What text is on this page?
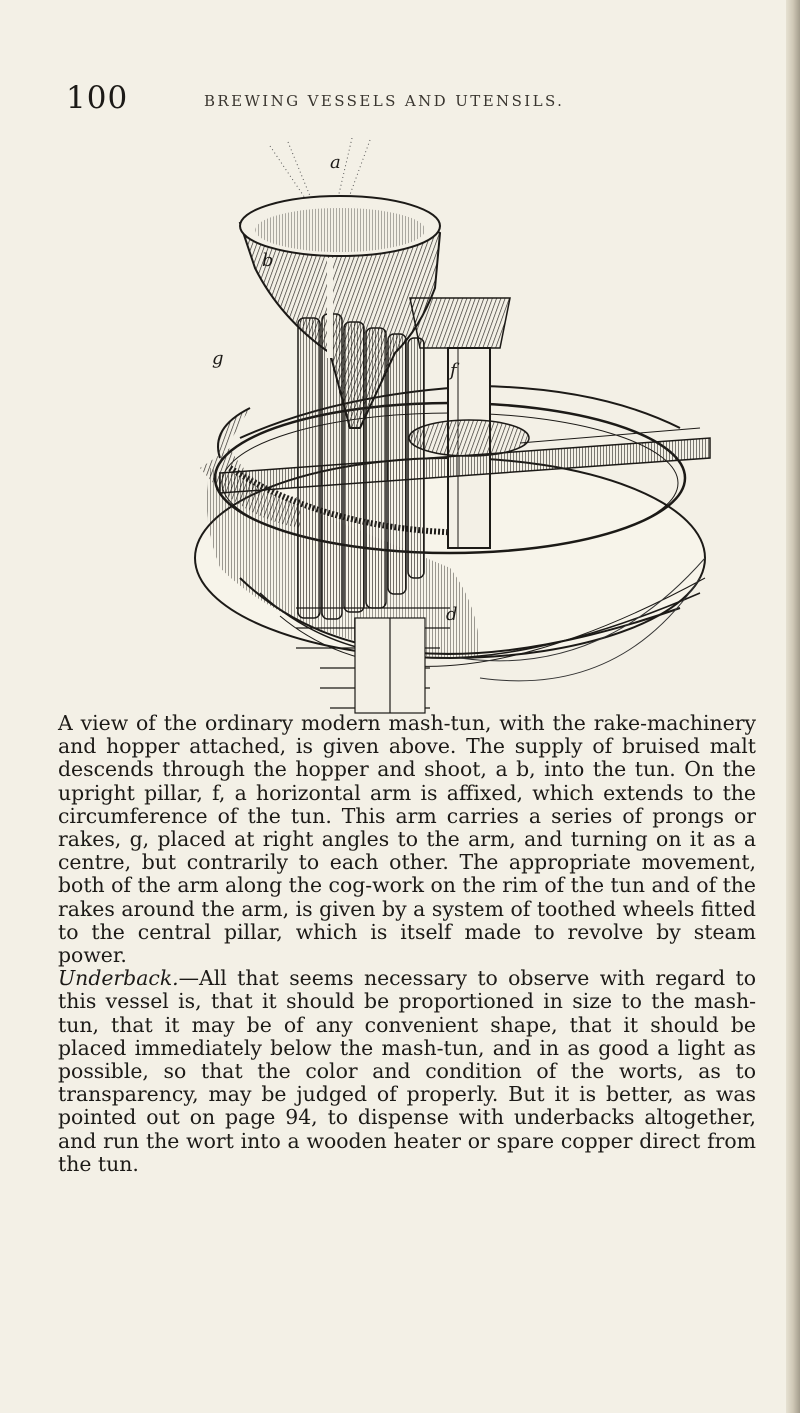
100	BREWING VESSELS AND UTENSILS.
a
b
g
f
d

A view of the ordinary modern mash-tun, with the rake-machinery and hopper attached, is given above. The supply of bruised malt descends through the hopper and shoot, a b, into the tun. On the upright pillar, f, a horizontal arm is affixed, which extends to the circumference of the tun. This arm carries a series of prongs or rakes, g, placed at right angles to the arm, and turning on it as a centre, but contrarily to each other. The appropriate movement, both of the arm along the cog-work on the rim of the tun and of the rakes around the arm, is given by a system of toothed wheels fitted to the central pillar, which is itself made to revolve by steam power.

Underback.—All that seems necessary to observe with regard to this vessel is, that it should be proportioned in size to the mash-tun, that it may be of any convenient shape, that it should be placed immediately below the mash-tun, and in as good a light as possible, so that the color and condition of the worts, as to transparency, may be judged of properly. But it is better, as was pointed out on page 94, to dispense with underbacks altogether, and run the wort into a wooden heater or spare copper direct from the tun.
